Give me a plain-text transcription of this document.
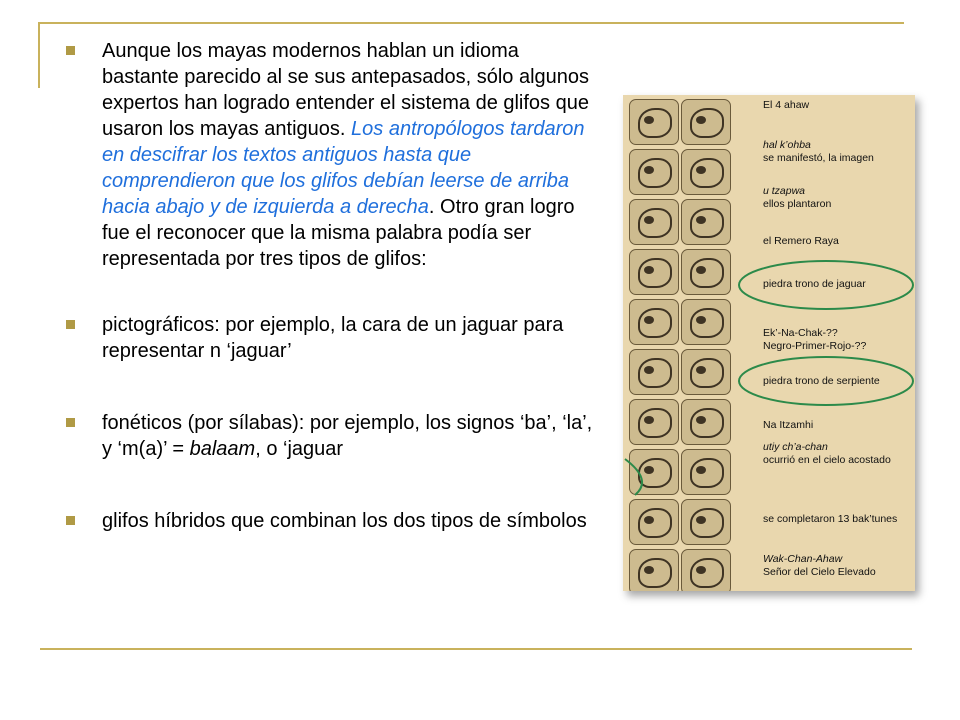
Aunque los mayas modernos hablan un idioma bastante parecido al se sus antepasados, sólo algunos expertos han logrado entender el sistema de glifos que usaron los mayas antiguos. Los antropólogos tardaron en descifrar los textos antiguos hasta que comprendieron que los glifos debían leerse de arriba hacia abajo y de izquierda a derecha. Otro gran logro fue el reconocer que la misma palabra podía ser representada por tres tipos de glifos:
pictográficos: por ejemplo, la cara de un jaguar para representar n ‘jaguar’
fonéticos (por sílabas): por ejemplo, los signos ‘ba’, ‘la’, y ‘m(a)’ = balaam, o ‘jaguar
glifos híbridos que combinan los dos tipos de símbolos
El 4 ahaw
hal k’ohba
se manifestó, la imagen
u tzapwa
ellos plantaron
el Remero Raya
piedra trono de jaguar
Ek’-Na-Chak-??
Negro-Primer-Rojo-??
piedra trono de serpiente
Na Itzamhi
utiy ch’a-chan
ocurrió en el cielo acostado
se completaron 13 bak’tunes
Wak-Chan-Ahaw
Señor del Cielo Elevado
